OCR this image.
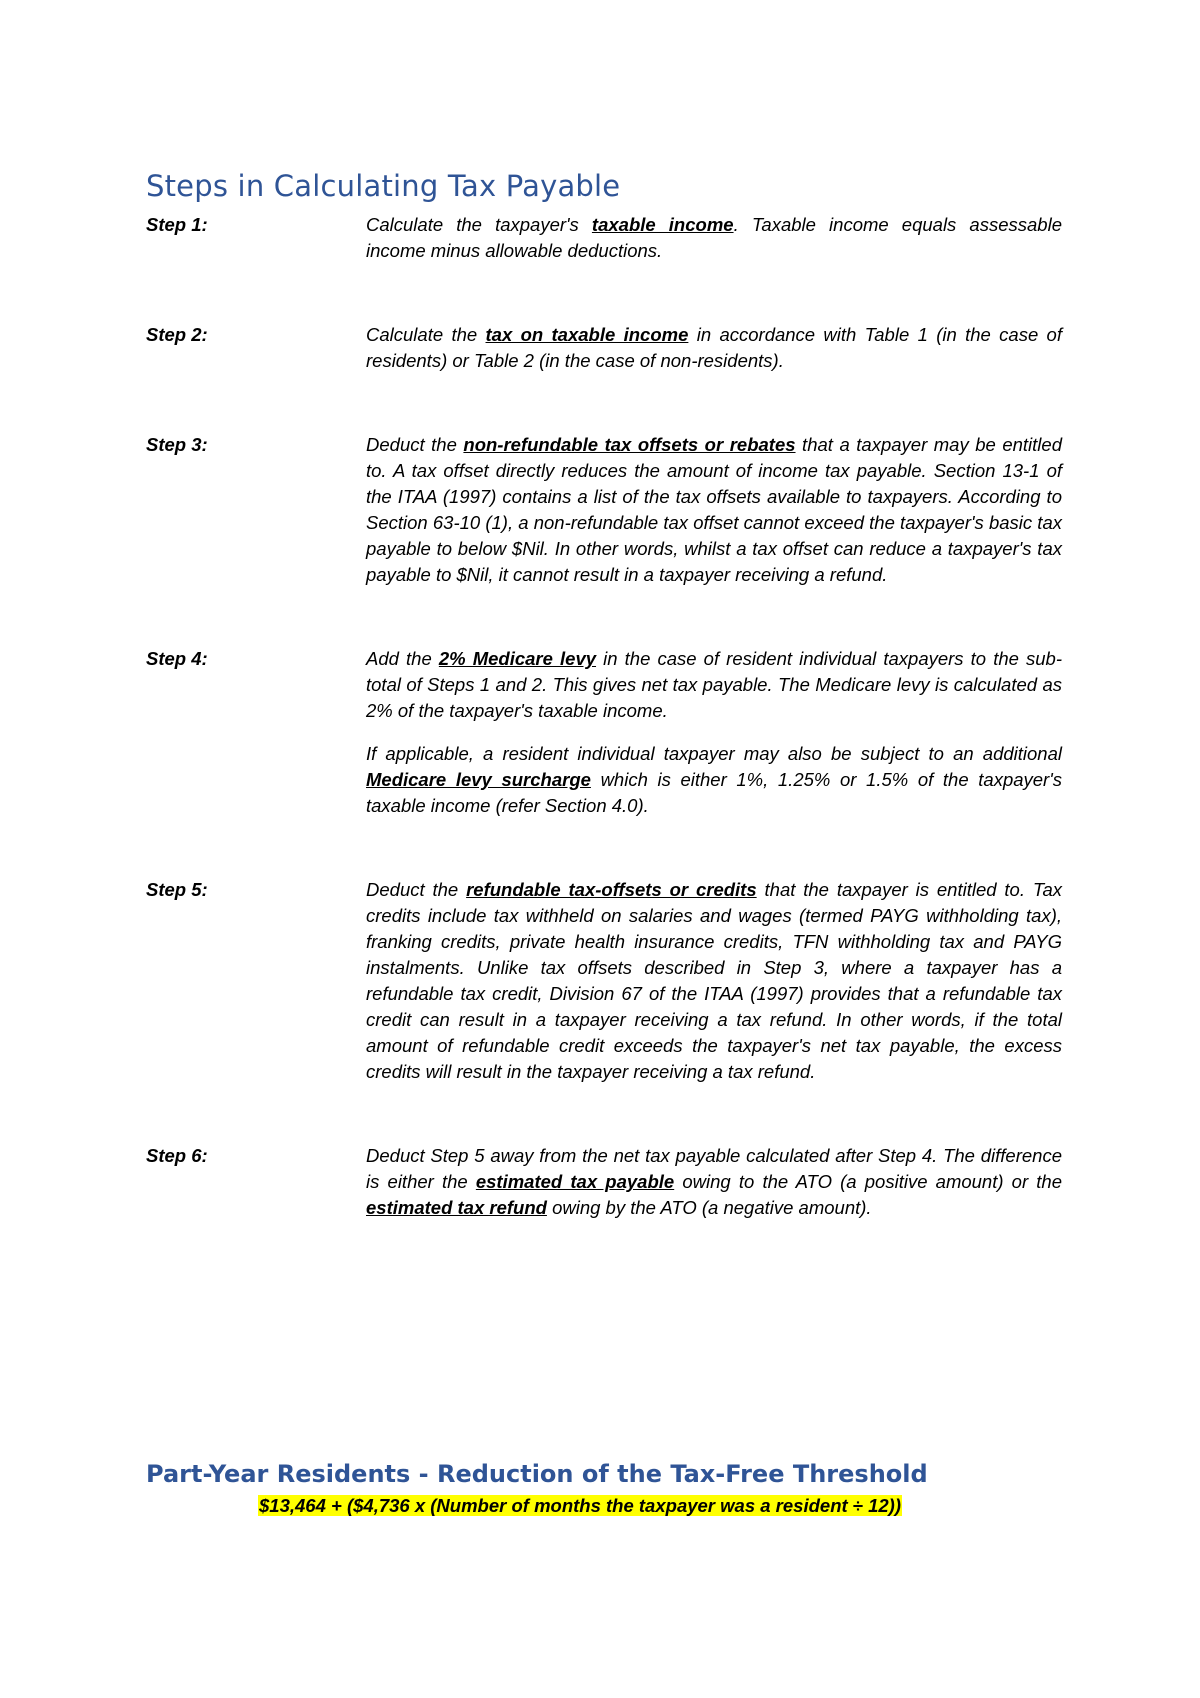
Steps in Calculating Tax Payable
Step 1:	Calculate the taxpayer's taxable income. Taxable income equals assessable income minus allowable deductions.

Step 2:	Calculate the tax on taxable income in accordance with Table 1 (in the case of residents) or Table 2 (in the case of non-residents).

Step 3:	Deduct the non-refundable tax offsets or rebates that a taxpayer may be entitled to. A tax offset directly reduces the amount of income tax payable. Section 13-1 of the ITAA (1997) contains a list of the tax offsets available to taxpayers. According to Section 63-10 (1), a non-refundable tax offset cannot exceed the taxpayer's basic tax payable to below $Nil. In other words, whilst a tax offset can reduce a taxpayer's tax payable to $Nil, it cannot result in a taxpayer receiving a refund.

Step 4:	Add the 2% Medicare levy in the case of resident individual taxpayers to the sub-total of Steps 1 and 2. This gives net tax payable. The Medicare levy is calculated as 2% of the taxpayer's taxable income.

If applicable, a resident individual taxpayer may also be subject to an additional Medicare levy surcharge which is either 1%, 1.25% or 1.5% of the taxpayer's taxable income (refer Section 4.0).

Step 5:	Deduct the refundable tax-offsets or credits that the taxpayer is entitled to. Tax credits include tax withheld on salaries and wages (termed PAYG withholding tax), franking credits, private health insurance credits, TFN withholding tax and PAYG instalments. Unlike tax offsets described in Step 3, where a taxpayer has a refundable tax credit, Division 67 of the ITAA (1997) provides that a refundable tax credit can result in a taxpayer receiving a tax refund. In other words, if the total amount of refundable credit exceeds the taxpayer's net tax payable, the excess credits will result in the taxpayer receiving a tax refund.

Step 6:	Deduct Step 5 away from the net tax payable calculated after Step 4. The difference is either the estimated tax payable owing to the ATO (a positive amount) or the estimated tax refund owing by the ATO (a negative amount).

Part-Year Residents - Reduction of the Tax-Free Threshold
$13,464 + ($4,736 x (Number of months the taxpayer was a resident ÷ 12))
